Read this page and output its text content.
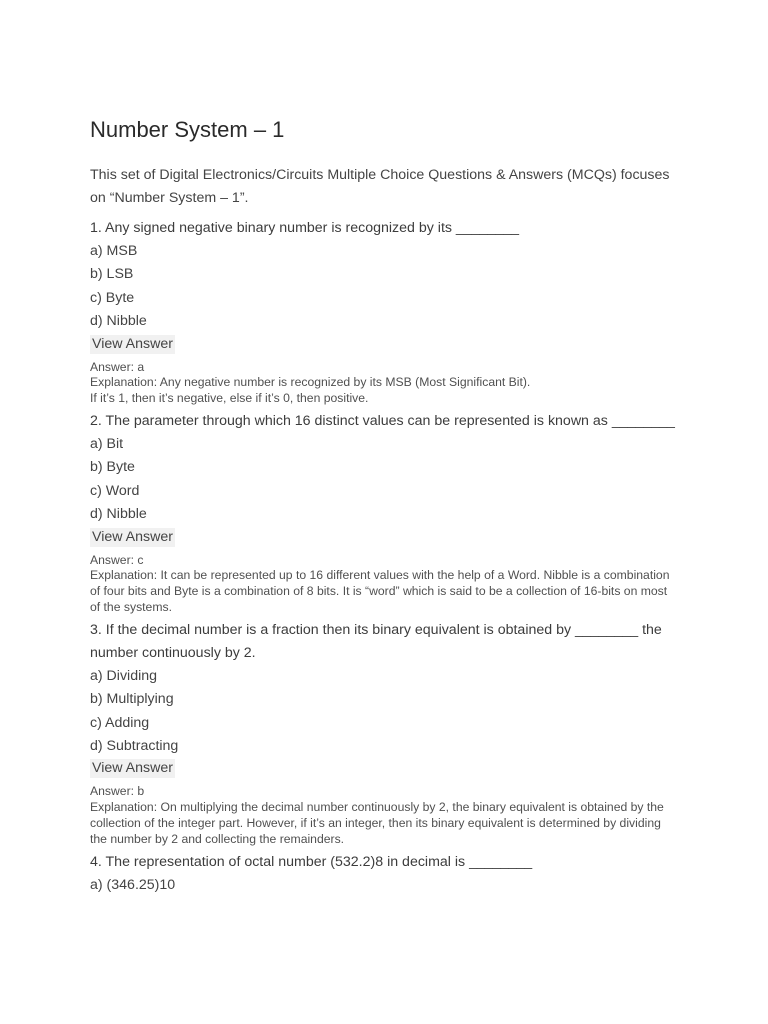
Number System – 1

This set of Digital Electronics/Circuits Multiple Choice Questions & Answers (MCQs) focuses on “Number System – 1”.

1. Any signed negative binary number is recognized by its ________

a) MSB
b) LSB
c) Byte
d) Nibble
View Answer
Answer: a
Explanation: Any negative number is recognized by its MSB (Most Significant Bit).
If it’s 1, then it’s negative, else if it’s 0, then positive.

2. The parameter through which 16 distinct values can be represented is known as ________

a) Bit
b) Byte
c) Word
d) Nibble
View Answer
Answer: c
Explanation: It can be represented up to 16 different values with the help of a Word. Nibble is a combination of four bits and Byte is a combination of 8 bits. It is “word” which is said to be a collection of 16-bits on most of the systems.

3. If the decimal number is a fraction then its binary equivalent is obtained by ________ the number continuously by 2.

a) Dividing
b) Multiplying
c) Adding
d) Subtracting
View Answer
Answer: b
Explanation: On multiplying the decimal number continuously by 2, the binary equivalent is obtained by the collection of the integer part. However, if it’s an integer, then its binary equivalent is determined by dividing the number by 2 and collecting the remainders.

4. The representation of octal number (532.2)8 in decimal is ________

a) (346.25)10
